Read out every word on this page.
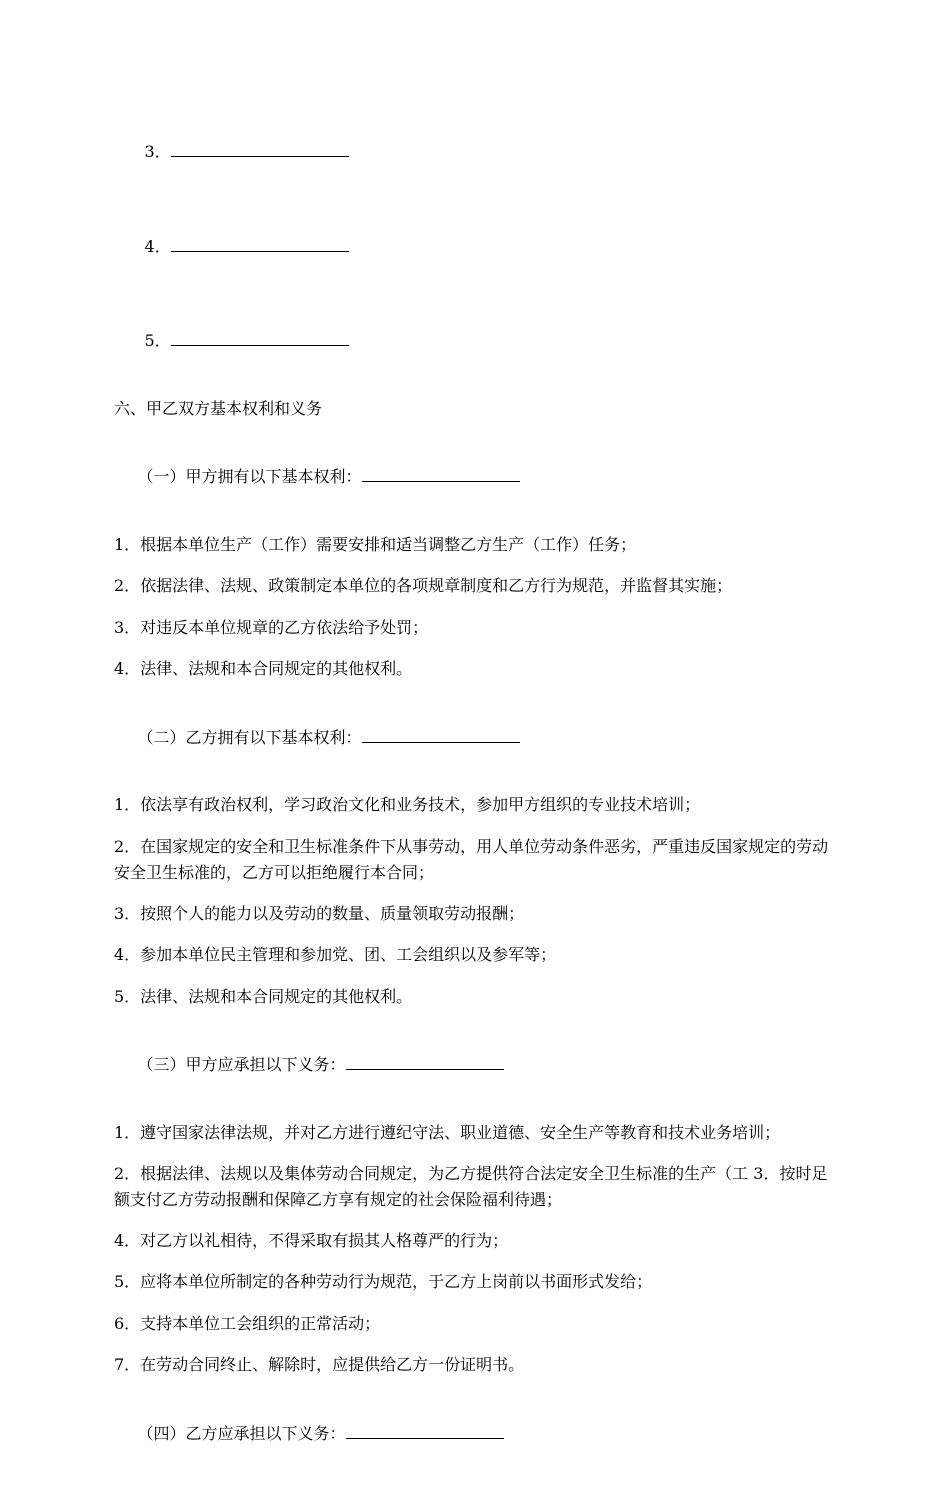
3．

4．

5．

六、甲乙双方基本权利和义务

（一）甲方拥有以下基本权利：

1．根据本单位生产（工作）需要安排和适当调整乙方生产（工作）任务；
2．依据法律、法规、政策制定本单位的各项规章制度和乙方行为规范，并监督其实施；
3．对违反本单位规章的乙方依法给予处罚；
4．法律、法规和本合同规定的其他权利。

（二）乙方拥有以下基本权利：

1．依法享有政治权利，学习政治文化和业务技术，参加甲方组织的专业技术培训；
2．在国家规定的安全和卫生标准条件下从事劳动，用人单位劳动条件恶劣，严重违反国家规定的劳动安全卫生标准的，乙方可以拒绝履行本合同；
3．按照个人的能力以及劳动的数量、质量领取劳动报酬；
4．参加本单位民主管理和参加党、团、工会组织以及参军等；
5．法律、法规和本合同规定的其他权利。

（三）甲方应承担以下义务：

1．遵守国家法律法规，并对乙方进行遵纪守法、职业道德、安全生产等教育和技术业务培训；
2．根据法律、法规以及集体劳动合同规定，为乙方提供符合法定安全卫生标准的生产（工 3．按时足额支付乙方劳动报酬和保障乙方享有规定的社会保险福利待遇；
4．对乙方以礼相待，不得采取有损其人格尊严的行为；
5．应将本单位所制定的各种劳动行为规范，于乙方上岗前以书面形式发给；
6．支持本单位工会组织的正常活动；
7．在劳动合同终止、解除时，应提供给乙方一份证明书。

（四）乙方应承担以下义务：
